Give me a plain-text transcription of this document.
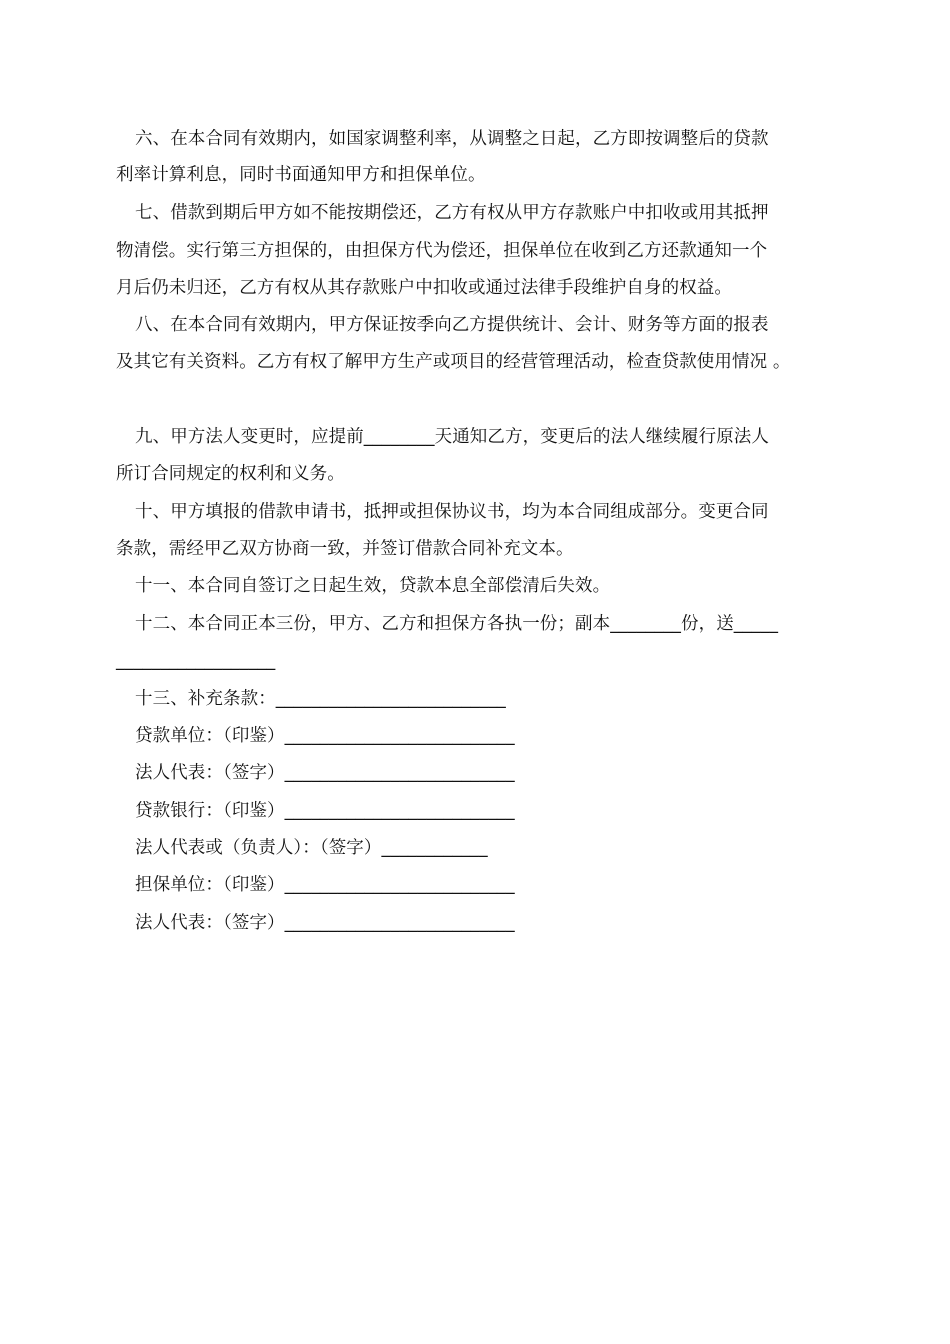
六、在本合同有效期内，如国家调整利率，从调整之日起，乙方即按调整后的贷款
利率计算利息，同时书面通知甲方和担保单位。
七、借款到期后甲方如不能按期偿还，乙方有权从甲方存款账户中扣收或用其抵押
物清偿。实行第三方担保的，由担保方代为偿还，担保单位在收到乙方还款通知一个
月后仍未归还，乙方有权从其存款账户中扣收或通过法律手段维护自身的权益。
八、在本合同有效期内，甲方保证按季向乙方提供统计、会计、财务等方面的报表
及其它有关资料。乙方有权了解甲方生产或项目的经营管理活动，检查贷款使用情况 。
九、甲方法人变更时，应提前________天通知乙方，变更后的法人继续履行原法人
所订合同规定的权利和义务。
十、甲方填报的借款申请书，抵押或担保协议书，均为本合同组成部分。变更合同
条款，需经甲乙双方协商一致，并签订借款合同补充文本。
十一、本合同自签订之日起生效，贷款本息全部偿清后失效。
十二、本合同正本三份，甲方、乙方和担保方各执一份；副本________份，送_____
__________________
十三、补充条款：__________________________
贷款单位：（印鉴）__________________________
法人代表：（签字）__________________________
贷款银行：（印鉴）__________________________
法人代表或（负责人）：（签字）____________
担保单位：（印鉴）__________________________
法人代表：（签字）__________________________
